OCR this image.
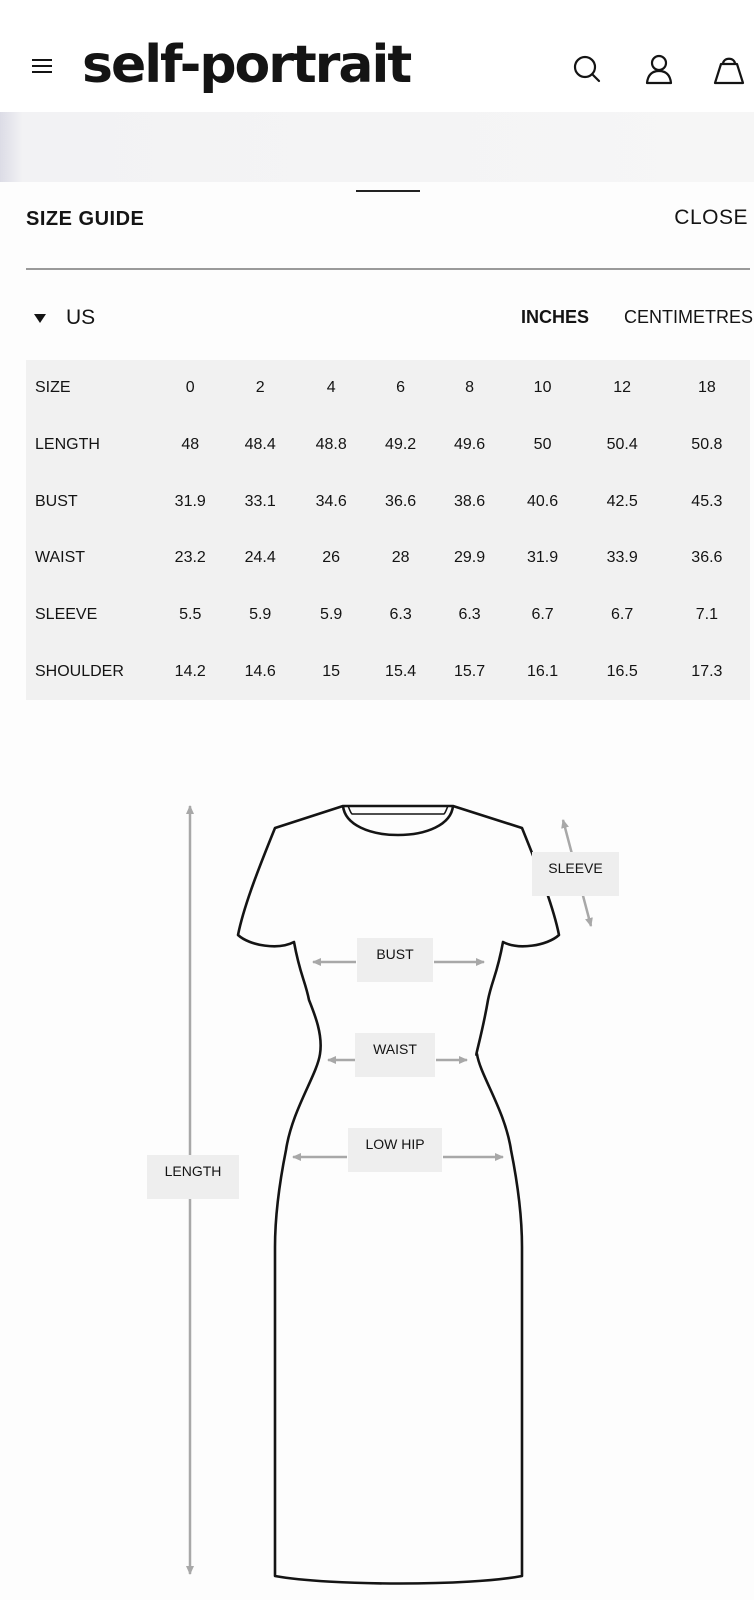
self-portrait
SIZE GUIDE	CLOSE
US	INCHES CENTIMETRES
SIZE	0	2	4	6	8	10	12	18
LENGTH	48	48.4	48.8	49.2	49.6	50	50.4	50.8
BUST	31.9	33.1	34.6	36.6	38.6	40.6	42.5	45.3
WAIST	23.2	24.4	26	28	29.9	31.9	33.9	36.6
SLEEVE	5.5	5.9	5.9	6.3	6.3	6.7	6.7	7.1
SHOULDER	14.2	14.6	15	15.4	15.7	16.1	16.5	17.3
SLEEVE
BUST
WAIST
LOW HIP
LENGTH
